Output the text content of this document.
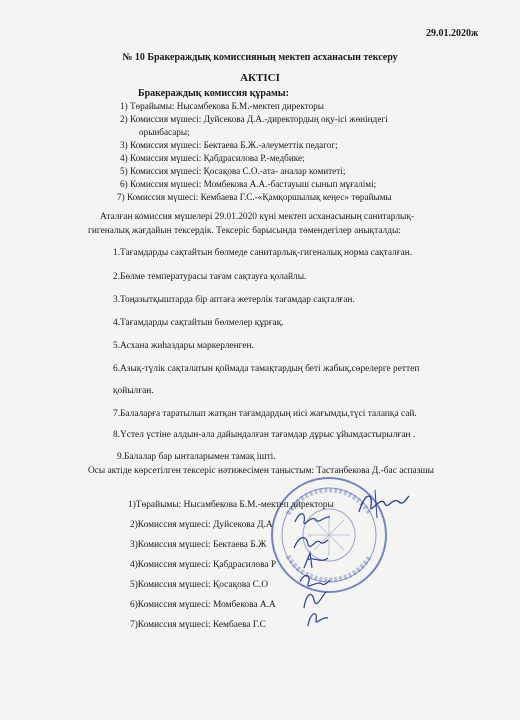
29.01.2020ж
№ 10 Бракераждық комиссияның мектеп асханасын тексеру
АКТІСІ
Бракераждық комиссия құрамы:
1) Төрайымы: Нысамбекова Б.М.-мектеп директоры
2) Комиссия мүшесі: Дуйсекова Д.А.-директордың оқу-ісі жөніндегі
орынбасары;
3) Комиссия мүшесі: Бектаева Б.Ж.-әлеуметтік педагог;
4) Комиссия мүшесі: Қабдрасилова Р.-медбике;
5) Комиссия мүшесі: Қосақова С.О.-ата- аналар комитеті;
6) Комиссия мүшесі: Момбекова А.А.-бастауыш сынып мұғалімі;
7) Комиссия мүшесі: Кембаева Г.С.-«Қамқоршылық кеңес» төрайымы
Аталған комиссия мүшелері 29.01.2020 күні мектеп асханасының санитарлық-
гигеналық жағдайын тексердік. Тексеріс барысында төмендегілер анықталды:
1.Тағамдарды сақтайтын бөлмеде санитарлық-гигеналық норма сақталған.
2.Бөлме температурасы тағам сақтауға қолайлы.
3.Тоңазытқыштарда бір аптаға жетерлік тағамдар сақталған.
4.Тағамдарды сақтайтын бөлмелер құрғақ.
5.Асхана жиһаздары маркерленген.
6.Азық-түлік сақталатын қоймада тамақтардың беті жабық,сөрелерге реттеп
қойылған.
7.Балаларға таратылып жатқан тағамдардың иісі жағымды,түсі талапқа сай.
8.Үстел үстіне алдын-ала дайындалған тағамдар дұрыс ұйымдастырылған .
9.Балалар бар ынталарымен тамақ ішті.
Осы актіде көрсетілген тексеріс нәтижесімен таныстым: Тастанбекова Д.-бас аспазшы
1)Төрайымы: Нысамбекова Б.М.-мектеп директоры
2)Комиссия мүшесі: Дуйсекова Д.А
3)Комиссия мүшесі: Бектаева Б.Ж
4)Комиссия мүшесі: Қабдрасилова Р
5)Комиссия мүшесі: Қосақова С.О
6)Комиссия мүшесі: Момбекова А.А
7)Комиссия мүшесі: Кембаева Г.С
